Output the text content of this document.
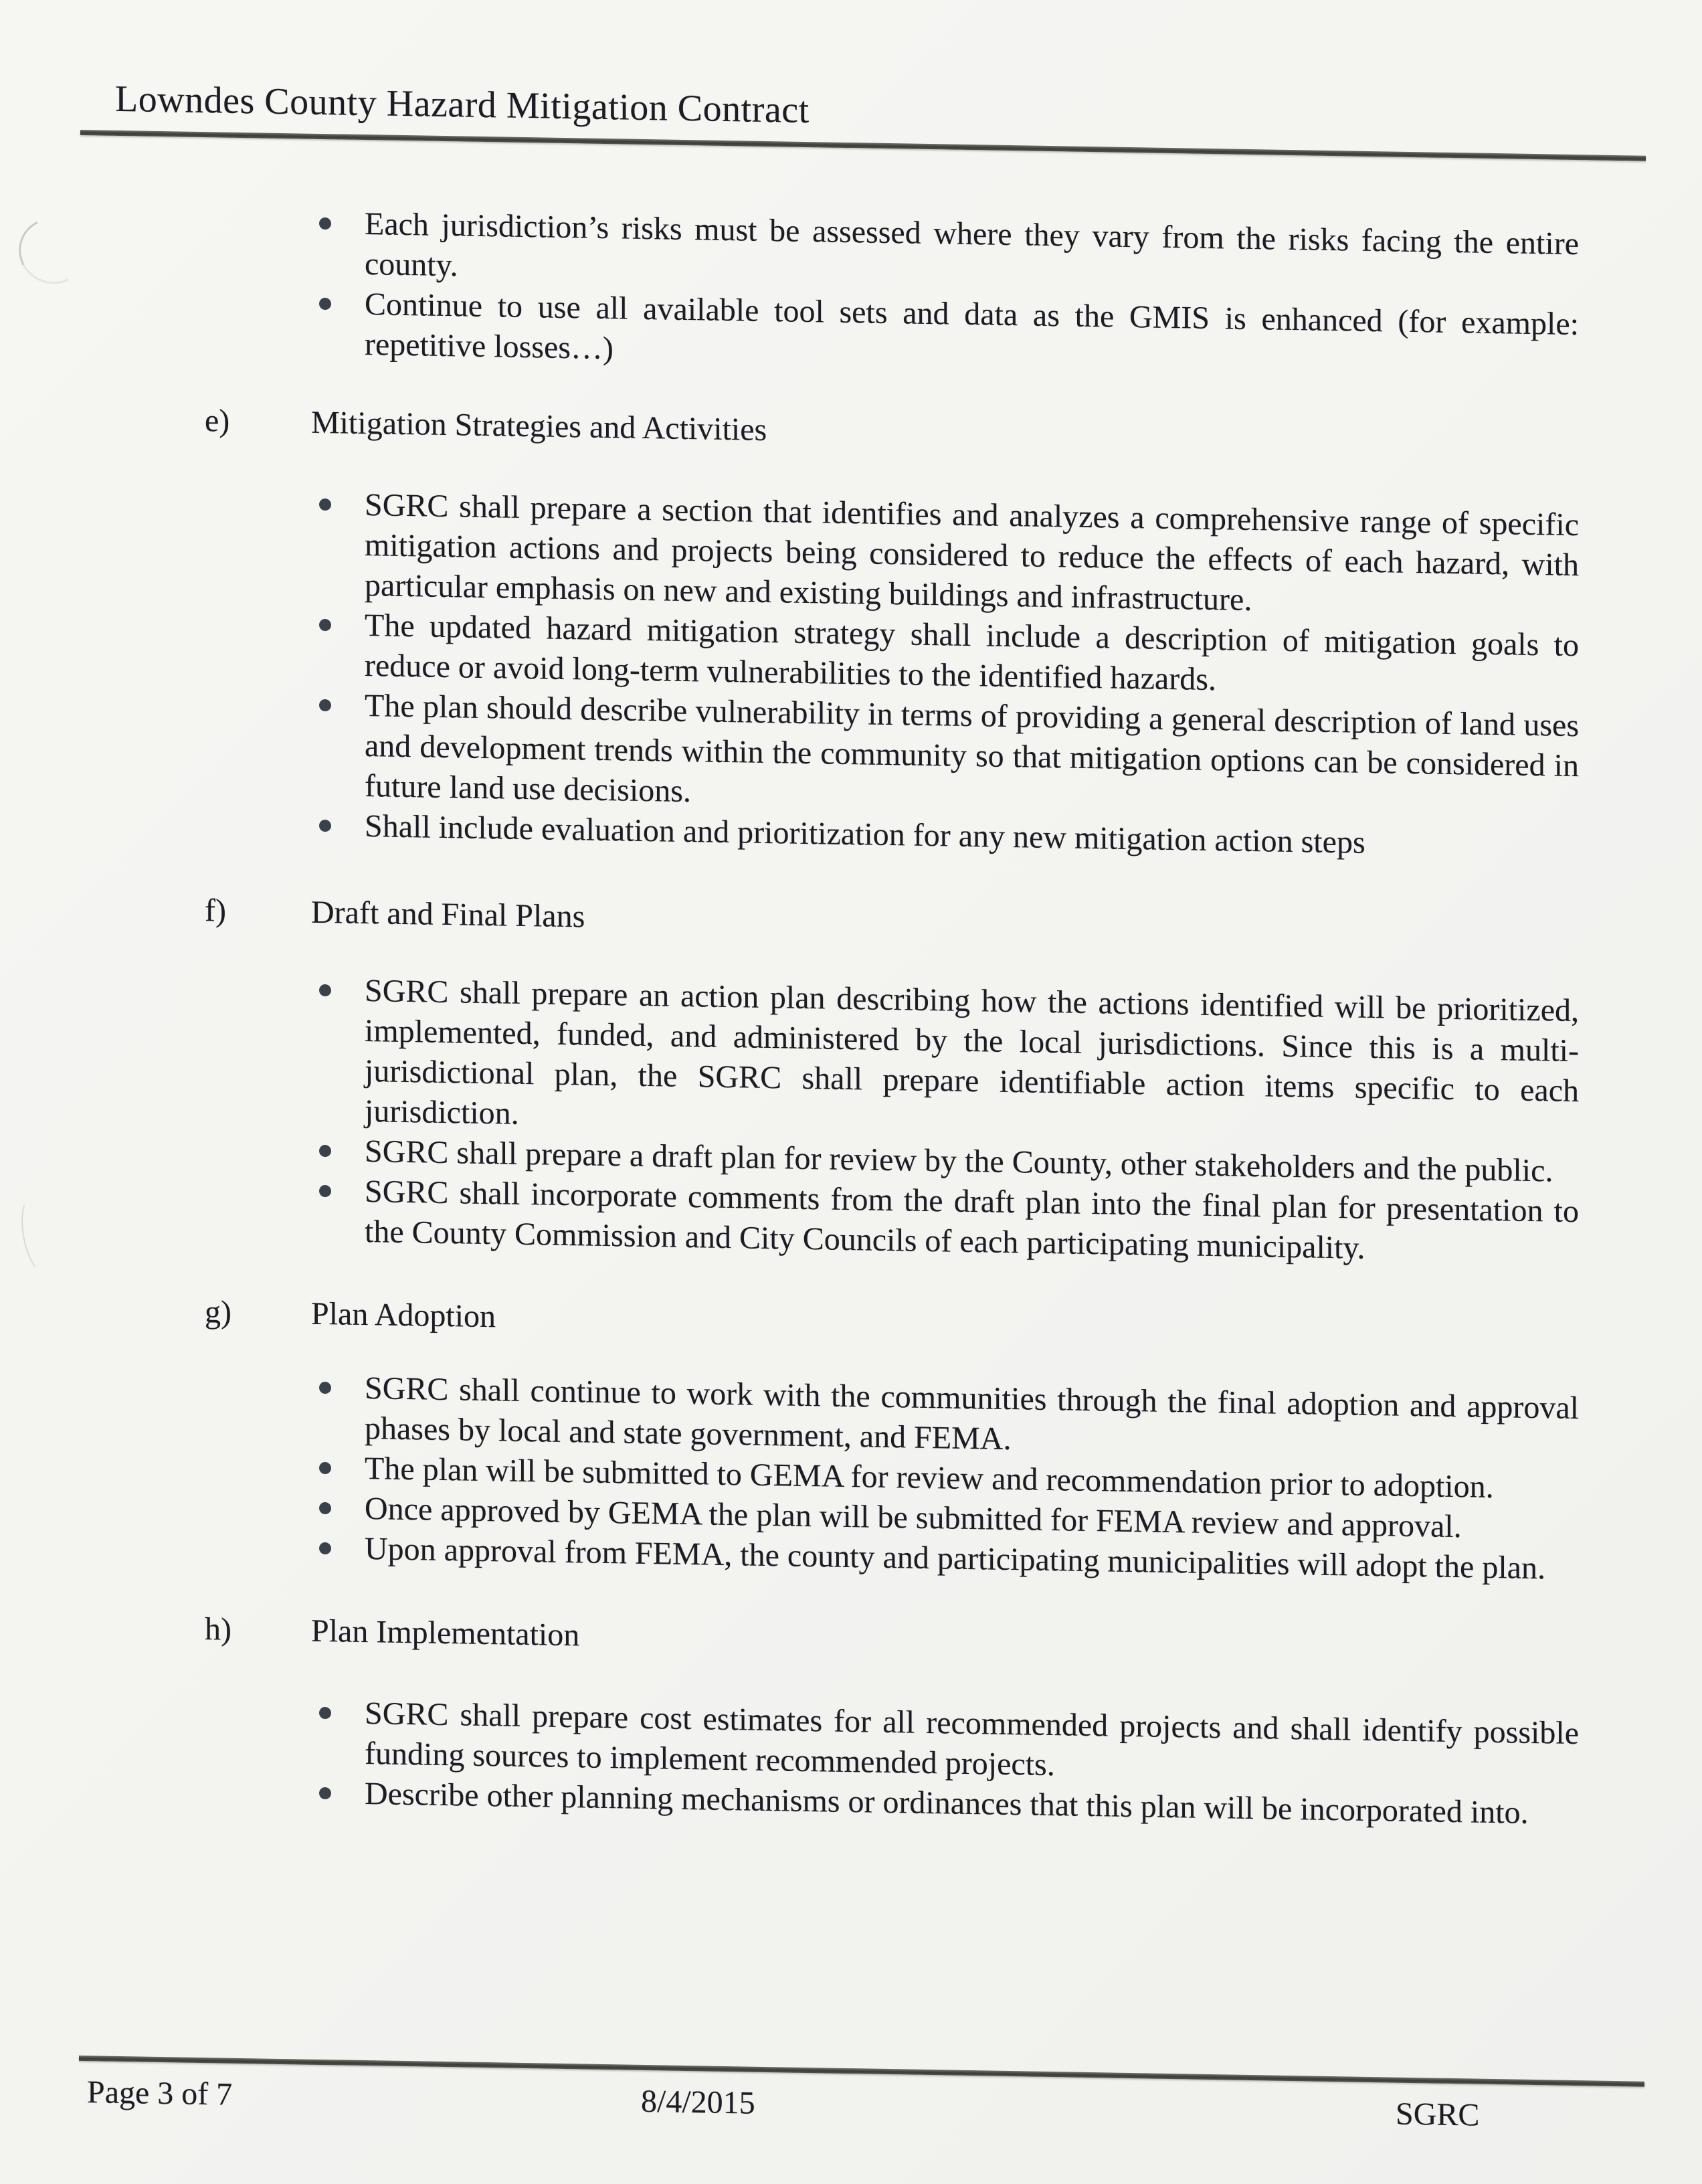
Lowndes County Hazard Mitigation Contract
Each jurisdiction’s risks must be assessed where they vary from the risks facing the entire county.
Continue to use all available tool sets and data as the GMIS is enhanced (for example: repetitive losses…)
e)	Mitigation Strategies and Activities
SGRC shall prepare a section that identifies and analyzes a comprehensive range of specific mitigation actions and projects being considered to reduce the effects of each hazard, with particular emphasis on new and existing buildings and infrastructure.
The updated hazard mitigation strategy shall include a description of mitigation goals to reduce or avoid long-term vulnerabilities to the identified hazards.
The plan should describe vulnerability in terms of providing a general description of land uses and development trends within the community so that mitigation options can be considered in future land use decisions.
Shall include evaluation and prioritization for any new mitigation action steps
f)	Draft and Final Plans
SGRC shall prepare an action plan describing how the actions identified will be prioritized, implemented, funded, and administered by the local jurisdictions. Since this is a multi-jurisdictional plan, the SGRC shall prepare identifiable action items specific to each jurisdiction.
SGRC shall prepare a draft plan for review by the County, other stakeholders and the public.
SGRC shall incorporate comments from the draft plan into the final plan for presentation to the County Commission and City Councils of each participating municipality.
g) Plan Adoption
SGRC shall continue to work with the communities through the final adoption and approval phases by local and state government, and FEMA.
The plan will be submitted to GEMA for review and recommendation prior to adoption.
Once approved by GEMA the plan will be submitted for FEMA review and approval.
Upon approval from FEMA, the county and participating municipalities will adopt the plan.
h) Plan Implementation
SGRC shall prepare cost estimates for all recommended projects and shall identify possible funding sources to implement recommended projects.
Describe other planning mechanisms or ordinances that this plan will be incorporated into.
Page 3 of 7	8/4/2015	SGRC
